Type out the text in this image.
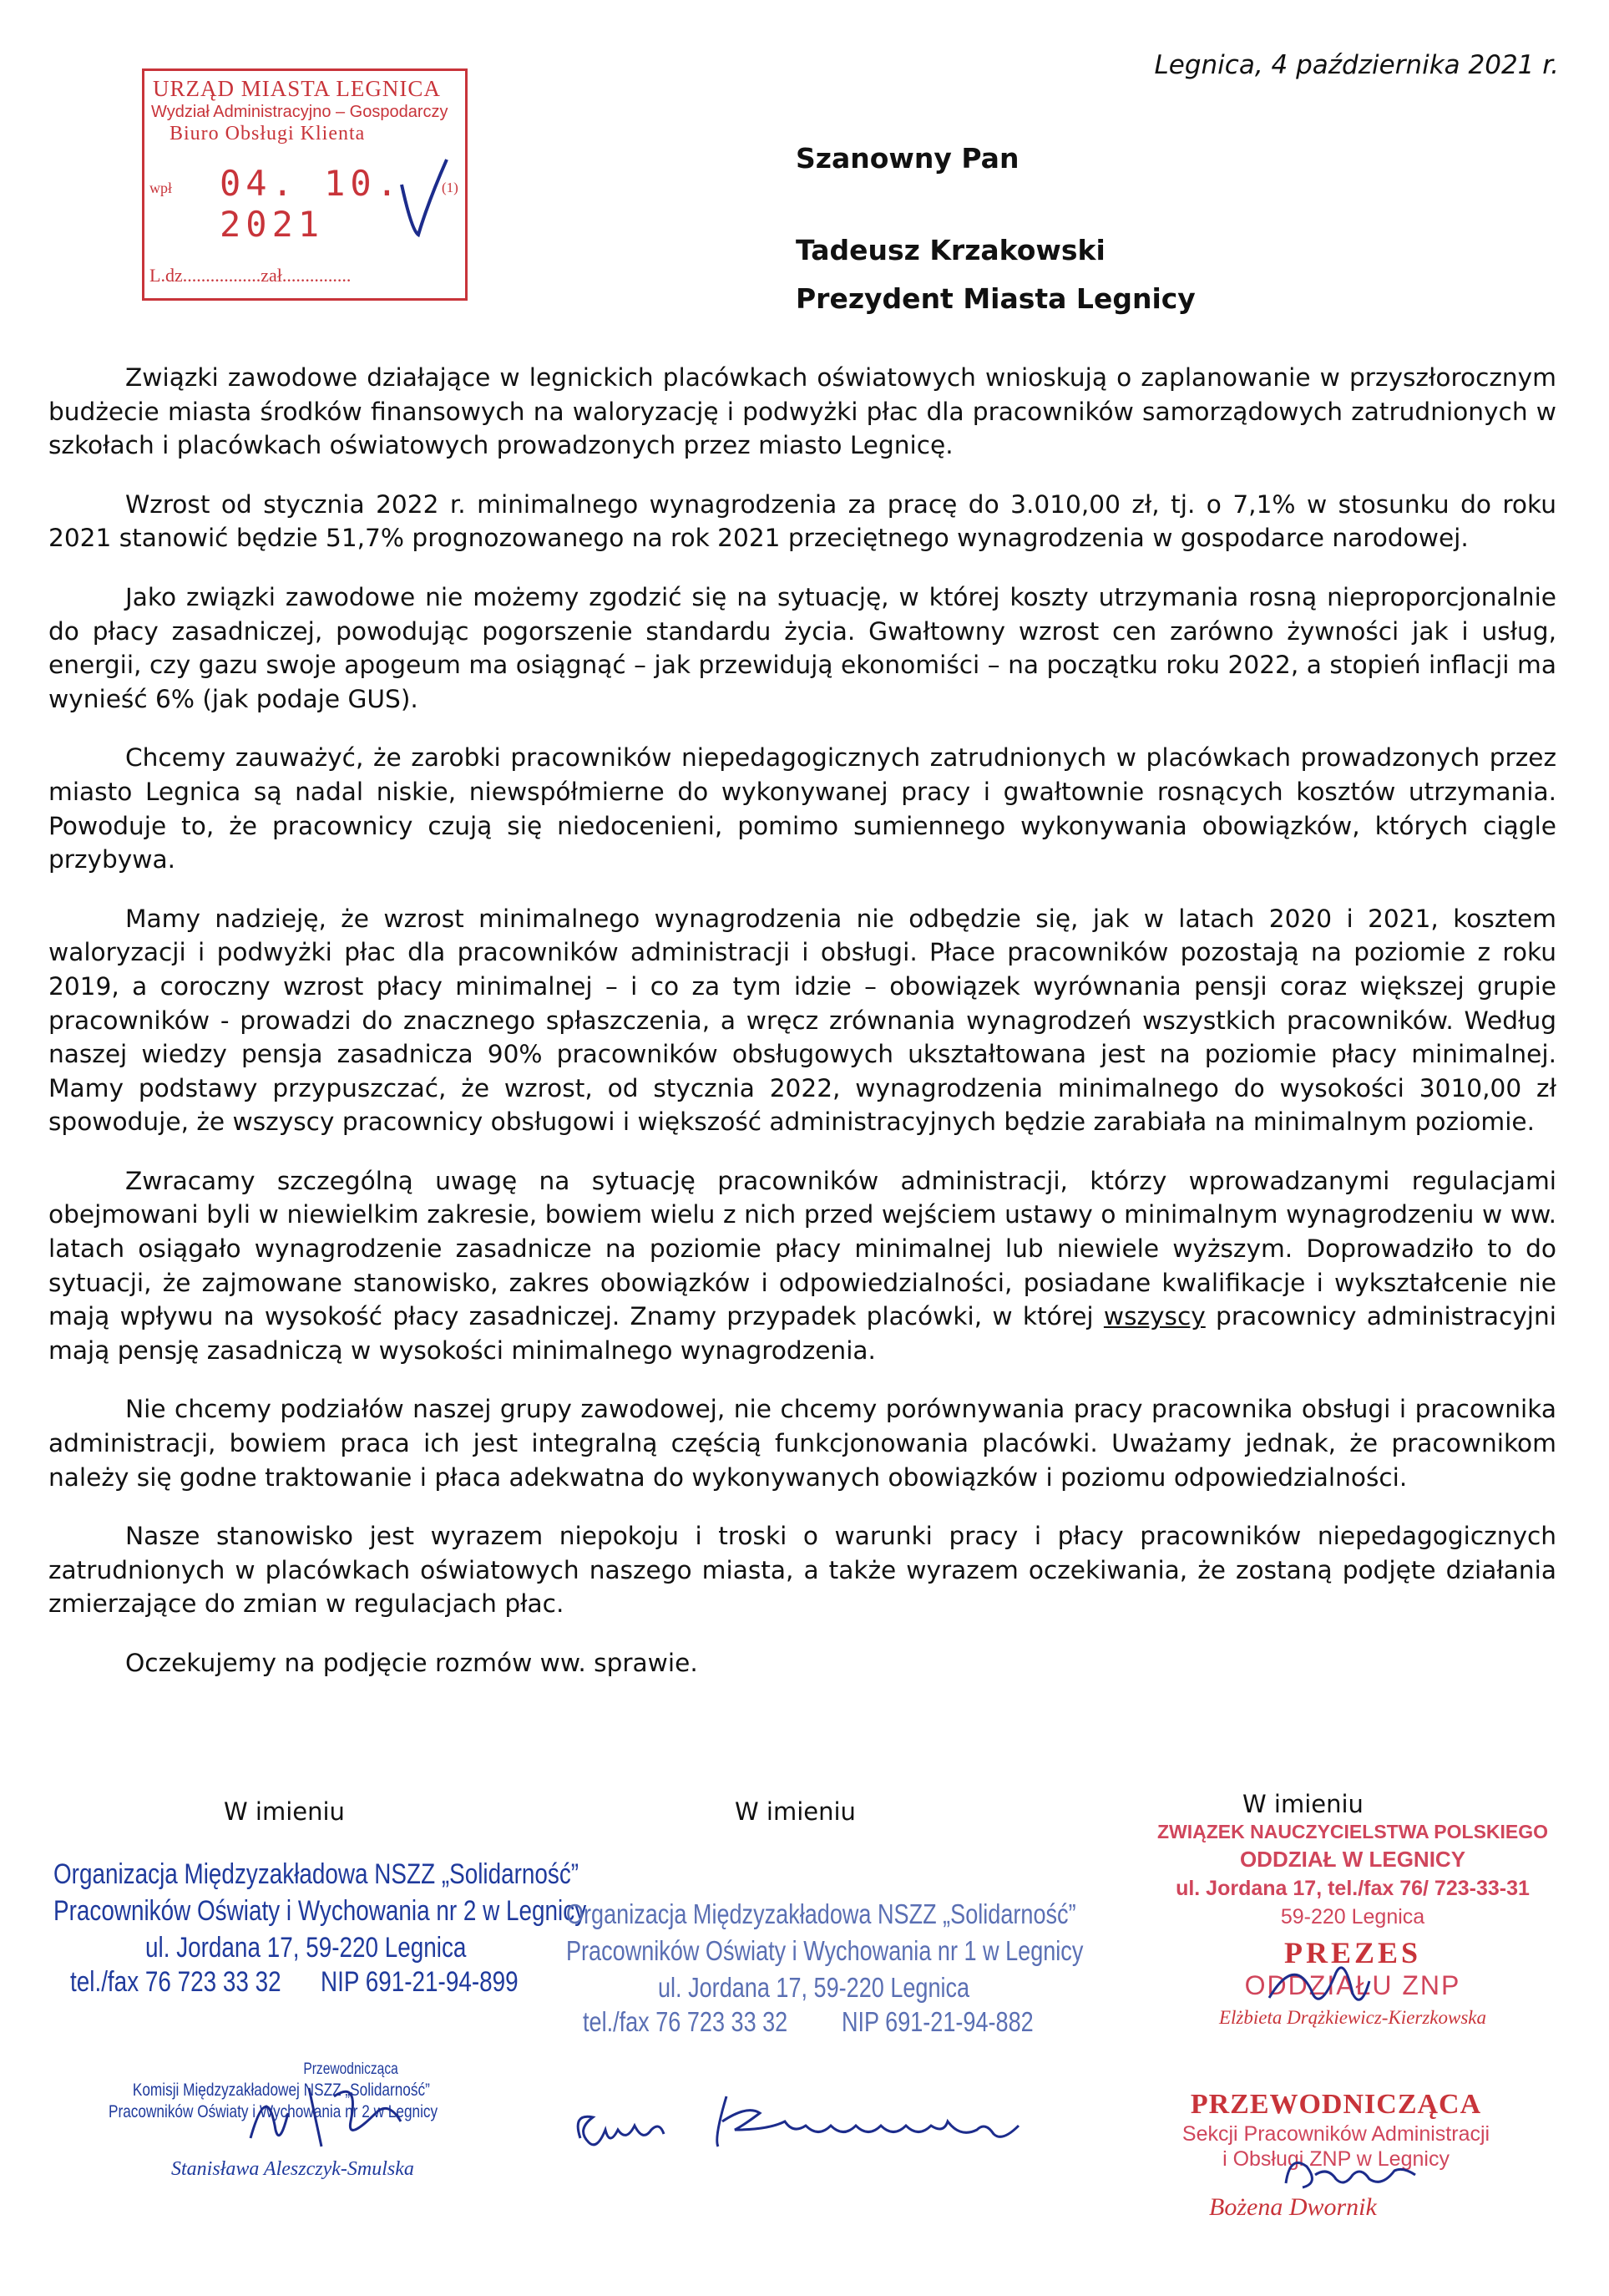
URZĄD MIASTA LEGNICA
Wydział Administracyjno – Gospodarczy
Biuro Obsługi Klienta
wpł 04. 10. 2021
(1)
L.dz.................zał...............
Legnica, 4 października 2021 r.
Szanowny Pan
Tadeusz Krzakowski
Prezydent Miasta Legnicy

Związki zawodowe działające w legnickich placówkach oświatowych wnioskują o zaplanowanie w przyszłorocznym budżecie miasta środków finansowych na waloryzację i podwyżki płac dla pracowników samorządowych zatrudnionych w szkołach i placówkach oświatowych prowadzonych przez miasto Legnicę.

Wzrost od stycznia 2022 r. minimalnego wynagrodzenia za pracę do 3.010,00 zł, tj. o 7,1% w stosunku do roku 2021 stanowić będzie 51,7% prognozowanego na rok 2021 przeciętnego wynagrodzenia w gospodarce narodowej.

Jako związki zawodowe nie możemy zgodzić się na sytuację, w której koszty utrzymania rosną nieproporcjonalnie do płacy zasadniczej, powodując pogorszenie standardu życia. Gwałtowny wzrost cen zarówno żywności jak i usług, energii, czy gazu swoje apogeum ma osiągnąć – jak przewidują ekonomiści – na początku roku 2022, a stopień inflacji ma wynieść 6% (jak podaje GUS).

Chcemy zauważyć, że zarobki pracowników niepedagogicznych zatrudnionych w placówkach prowadzonych przez miasto Legnica są nadal niskie, niewspółmierne do wykonywanej pracy i gwałtownie rosnących kosztów utrzymania. Powoduje to, że pracownicy czują się niedocenieni, pomimo sumiennego wykonywania obowiązków, których ciągle przybywa.

Mamy nadzieję, że wzrost minimalnego wynagrodzenia nie odbędzie się, jak w latach 2020 i 2021, kosztem waloryzacji i podwyżki płac dla pracowników administracji i obsługi. Płace pracowników pozostają na poziomie z roku 2019, a coroczny wzrost płacy minimalnej – i co za tym idzie – obowiązek wyrównania pensji coraz większej grupie pracowników - prowadzi do znacznego spłaszczenia, a wręcz zrównania wynagrodzeń wszystkich pracowników. Według naszej wiedzy pensja zasadnicza 90% pracowników obsługowych ukształtowana jest na poziomie płacy minimalnej. Mamy podstawy przypuszczać, że wzrost, od stycznia 2022, wynagrodzenia minimalnego do wysokości 3010,00 zł spowoduje, że wszyscy pracownicy obsługowi i większość administracyjnych będzie zarabiała na minimalnym poziomie.

Zwracamy szczególną uwagę na sytuację pracowników administracji, którzy wprowadzanymi regulacjami obejmowani byli w niewielkim zakresie, bowiem wielu z nich przed wejściem ustawy o minimalnym wynagrodzeniu w ww. latach osiągało wynagrodzenie zasadnicze na poziomie płacy minimalnej lub niewiele wyższym. Doprowadziło to do sytuacji, że zajmowane stanowisko, zakres obowiązków i odpowiedzialności, posiadane kwalifikacje i wykształcenie nie mają wpływu na wysokość płacy zasadniczej. Znamy przypadek placówki, w której wszyscy pracownicy administracyjni mają pensję zasadniczą w wysokości minimalnego wynagrodzenia.

Nie chcemy podziałów naszej grupy zawodowej, nie chcemy porównywania pracy pracownika obsługi i pracownika administracji, bowiem praca ich jest integralną częścią funkcjonowania placówki. Uważamy jednak, że pracownikom należy się godne traktowanie i płaca adekwatna do wykonywanych obowiązków i poziomu odpowiedzialności.

Nasze stanowisko jest wyrazem niepokoju i troski o warunki pracy i płacy pracowników niepedagogicznych zatrudnionych w placówkach oświatowych naszego miasta, a także wyrazem oczekiwania, że zostaną podjęte działania zmierzające do zmian w regulacjach płac.

Oczekujemy na podjęcie rozmów ww. sprawie.

W imieniu	W imieniu	W imieniu
Organizacja Międzyzakładowa NSZZ „Solidarność”
Pracowników Oświaty i Wychowania nr 2 w Legnicy
ul. Jordana 17, 59-220 Legnica
tel./fax 76 723 33 32 NIP 691-21-94-899
Przewodnicząca
Komisji Międzyzakładowej NSZZ „Solidarność”
Pracowników Oświaty i Wychowania nr 2 w Legnicy
Stanisława Aleszczyk-Smulska
Organizacja Międzyzakładowa NSZZ „Solidarność”
Pracowników Oświaty i Wychowania nr 1 w Legnicy
ul. Jordana 17, 59-220 Legnica
tel./fax 76 723 33 32 NIP 691-21-94-882
ZWIĄZEK NAUCZYCIELSTWA POLSKIEGO
ODDZIAŁ W LEGNICY
ul. Jordana 17, tel./fax 76/ 723-33-31
59-220 Legnica
PREZES
ODDZIAŁU ZNP
Elżbieta Drążkiewicz-Kierzkowska
PRZEWODNICZĄCA
Sekcji Pracowników Administracji
i Obsługi ZNP w Legnicy
Bożena Dwornik
